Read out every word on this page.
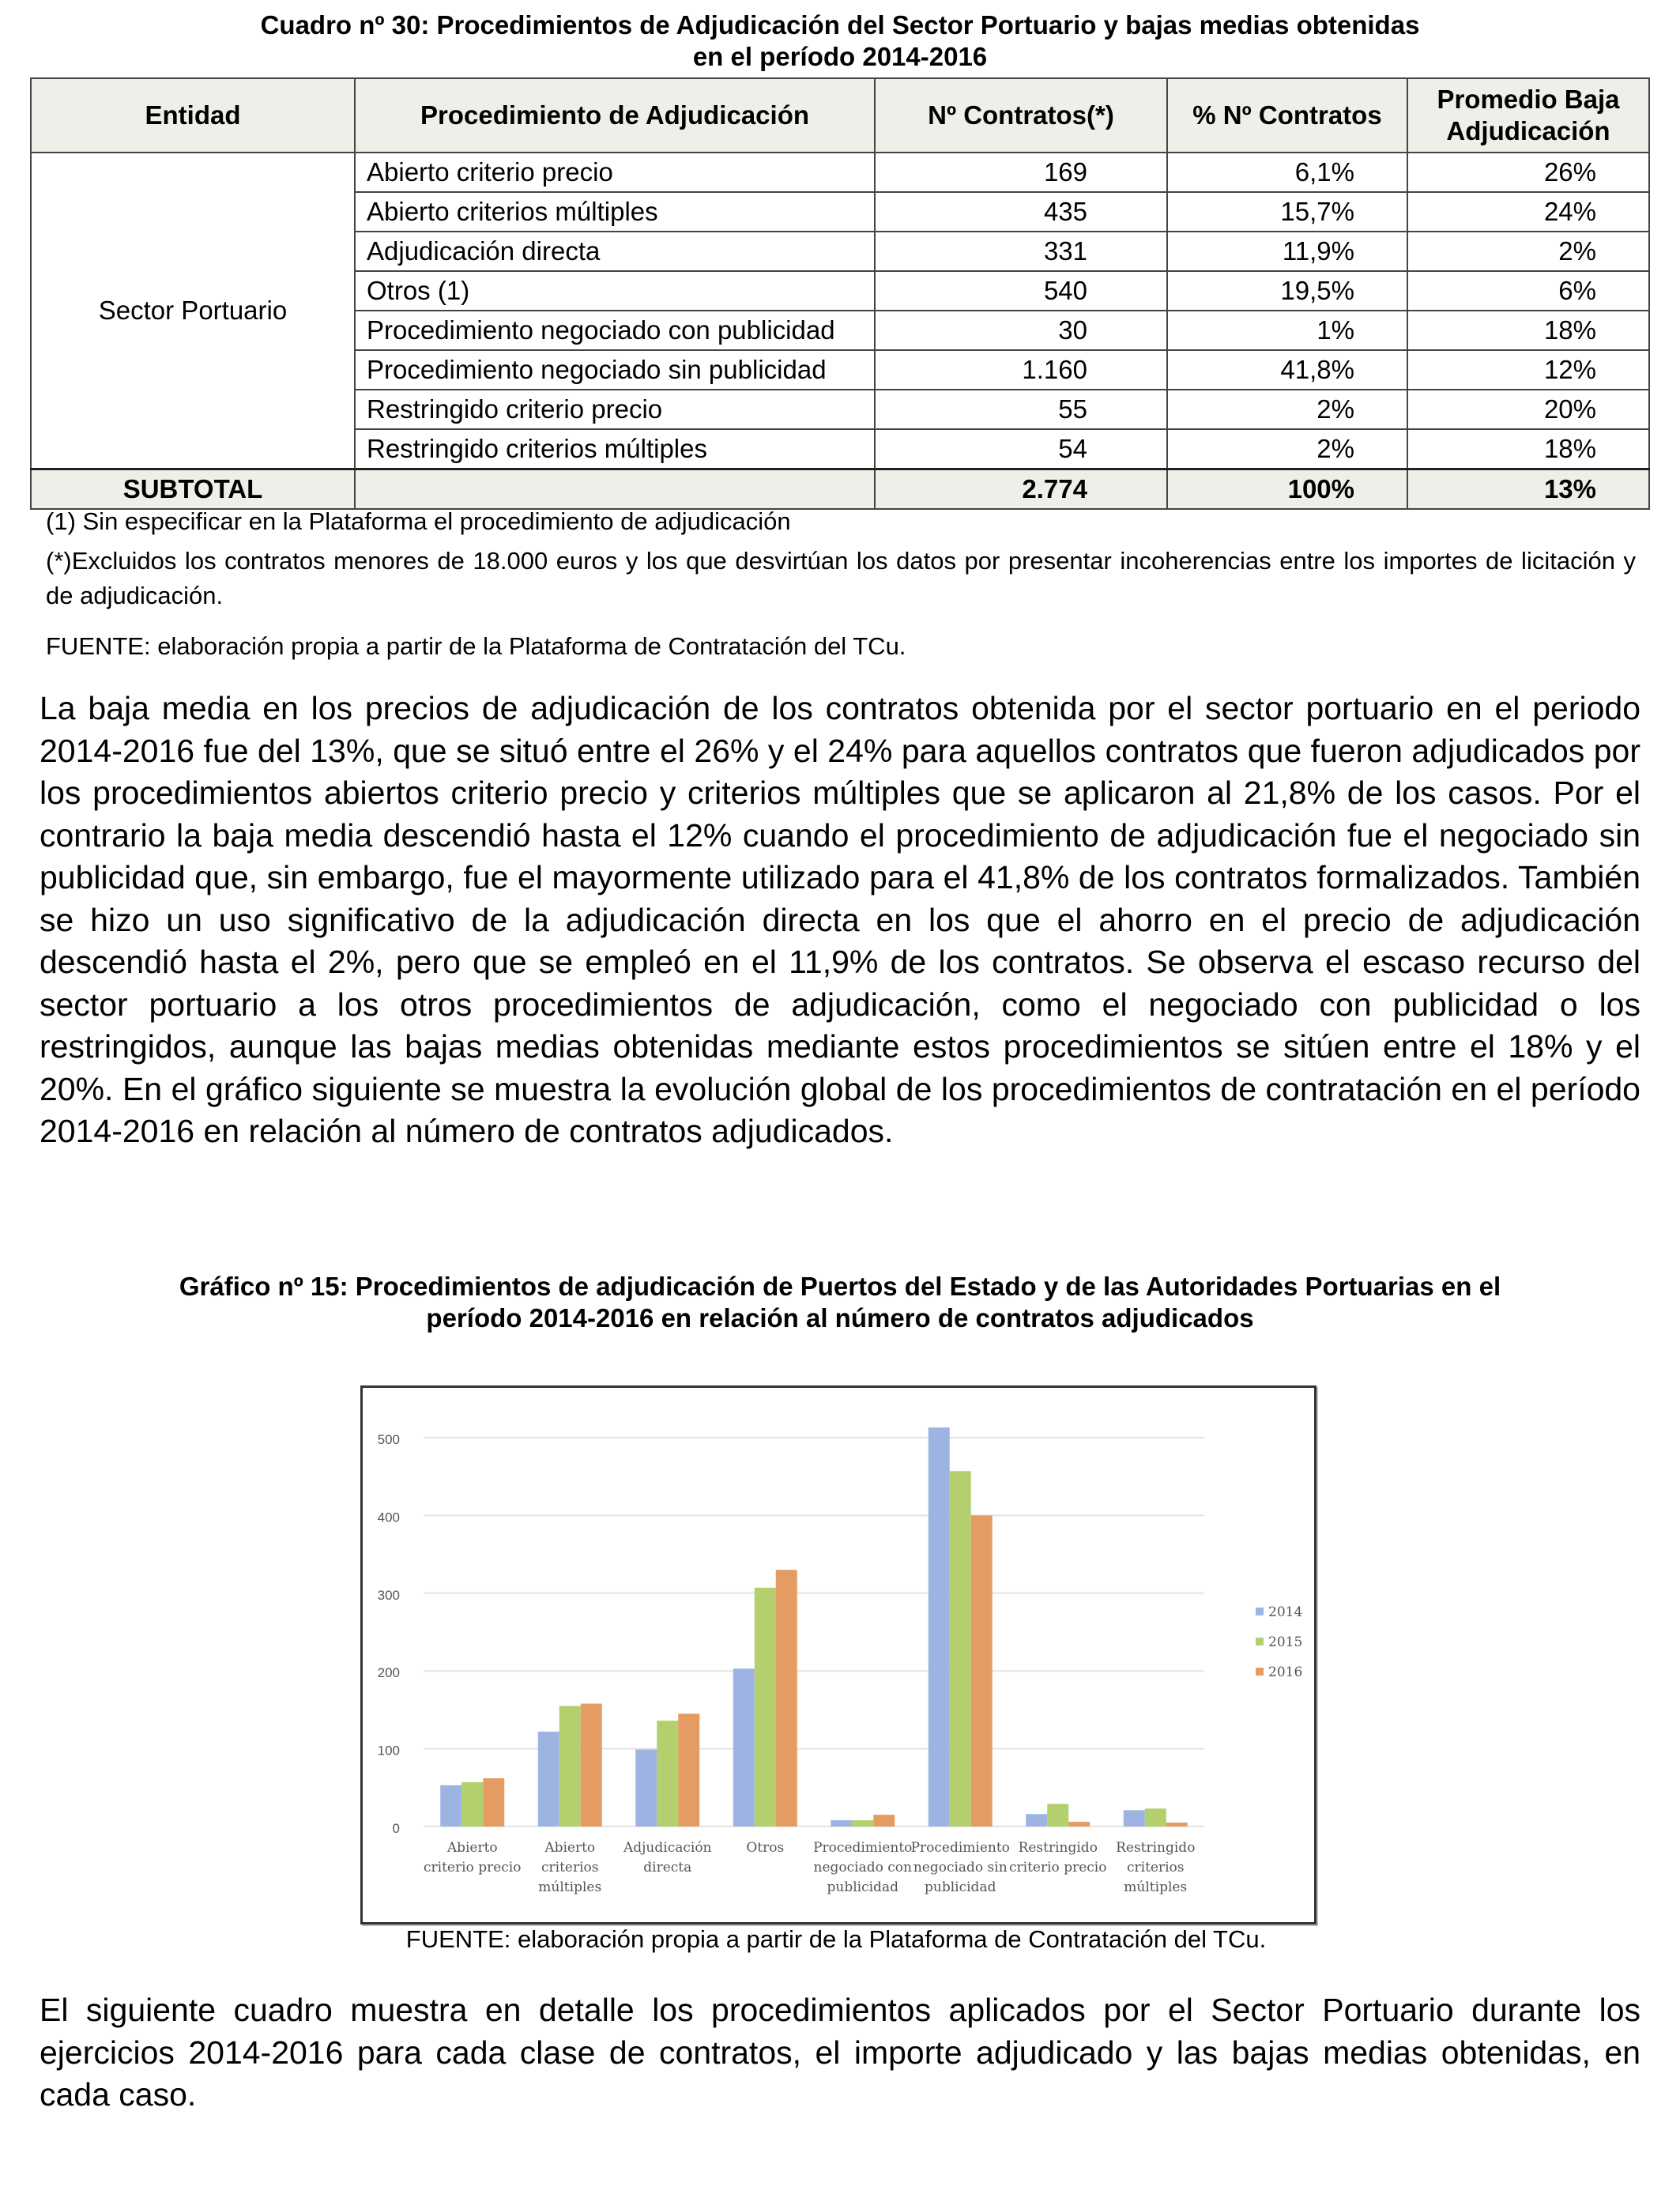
Cuadro nº 30: Procedimientos de Adjudicación del Sector Portuario y bajas medias obtenidas
en el período 2014-2016
Entidad	Procedimiento de Adjudicación	Nº Contratos(*)	% Nº Contratos	Promedio Baja
Adjudicación

Sector Portuario	Abierto criterio precio	169	6,1%	26%
	Abierto criterios múltiples	435	15,7%	24%
	Adjudicación directa	331	11,9%	2%
	Otros (1)	540	19,5%	6%
	Procedimiento negociado con publicidad	30	1%	18%
	Procedimiento negociado sin publicidad	1.160	41,8%	12%
	Restringido criterio precio	55	2%	20%
	Restringido criterios múltiples	54	2%	18%
SUBTOTAL		2.774	100%	13%
(1) Sin especificar en la Plataforma el procedimiento de adjudicación
(*)Excluidos los contratos menores de 18.000 euros y los que desvirtúan los datos por presentar incoherencias entre los importes de licitación y de adjudicación.
FUENTE: elaboración propia a partir de la Plataforma de Contratación del TCu.
La baja media en los precios de adjudicación de los contratos obtenida por el sector portuario en el periodo 2014-2016 fue del 13%, que se situó entre el 26% y el 24% para aquellos contratos que fueron adjudicados por los procedimientos abiertos criterio precio y criterios múltiples que se aplicaron al 21,8% de los casos. Por el contrario la baja media descendió hasta el 12% cuando el procedimiento de adjudicación fue el negociado sin publicidad que, sin embargo, fue el mayormente utilizado para el 41,8% de los contratos formalizados. También se hizo un uso significativo de la adjudicación directa en los que el ahorro en el precio de adjudicación descendió hasta el 2%, pero que se empleó en el 11,9% de los contratos. Se observa el escaso recurso del sector portuario a los otros procedimientos de adjudicación, como el negociado con publicidad o los restringidos, aunque las bajas medias obtenidas mediante estos procedimientos se sitúen entre el 18% y el 20%. En el gráfico siguiente se muestra la evolución global de los procedimientos de contratación en el período 2014-2016 en relación al número de contratos adjudicados.
Gráfico nº 15: Procedimientos de adjudicación de Puertos del Estado y de las Autoridades Portuarias en el
período 2014-2016 en relación al número de contratos adjudicados
0
100
200
300
400
500
Abierto
criterio precio
Abierto
criterios
múltiples
Adjudicación
directa
Otros Procedimiento
negociado con
publicidad
Procedimiento
negociado sin
publicidad
Restringido
criterio precio
Restringido
criterios
múltiples
2014
2015
2016
FUENTE: elaboración propia a partir de la Plataforma de Contratación del TCu.
El siguiente cuadro muestra en detalle los procedimientos aplicados por el Sector Portuario durante los ejercicios 2014-2016 para cada clase de contratos, el importe adjudicado y las bajas medias obtenidas, en cada caso.
